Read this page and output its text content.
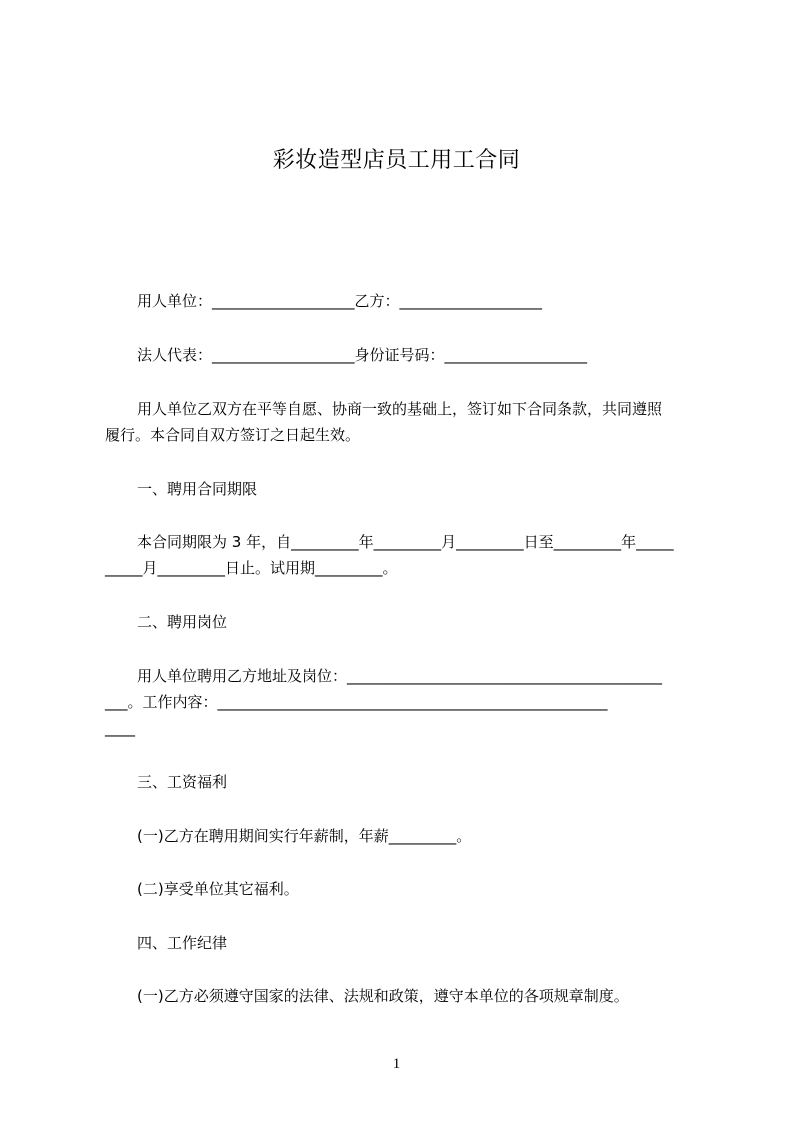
彩妆造型店员工用工合同
用人单位：___________________乙方：___________________
法人代表：___________________身份证号码：___________________
用人单位乙双方在平等自愿、协商一致的基础上，签订如下合同条款，共同遵照
履行。本合同自双方签订之日起生效。
一、聘用合同期限
本合同期限为 3 年，自_________年_________月_________日至_________年_____
_____月_________日止。试用期_________。
二、聘用岗位
用人单位聘用乙方地址及岗位：__________________________________________
___。工作内容：____________________________________________________
____
三、工资福利
(一)乙方在聘用期间实行年薪制，年薪_________。
(二)享受单位其它福利。
四、工作纪律
(一)乙方必须遵守国家的法律、法规和政策，遵守本单位的各项规章制度。
1
